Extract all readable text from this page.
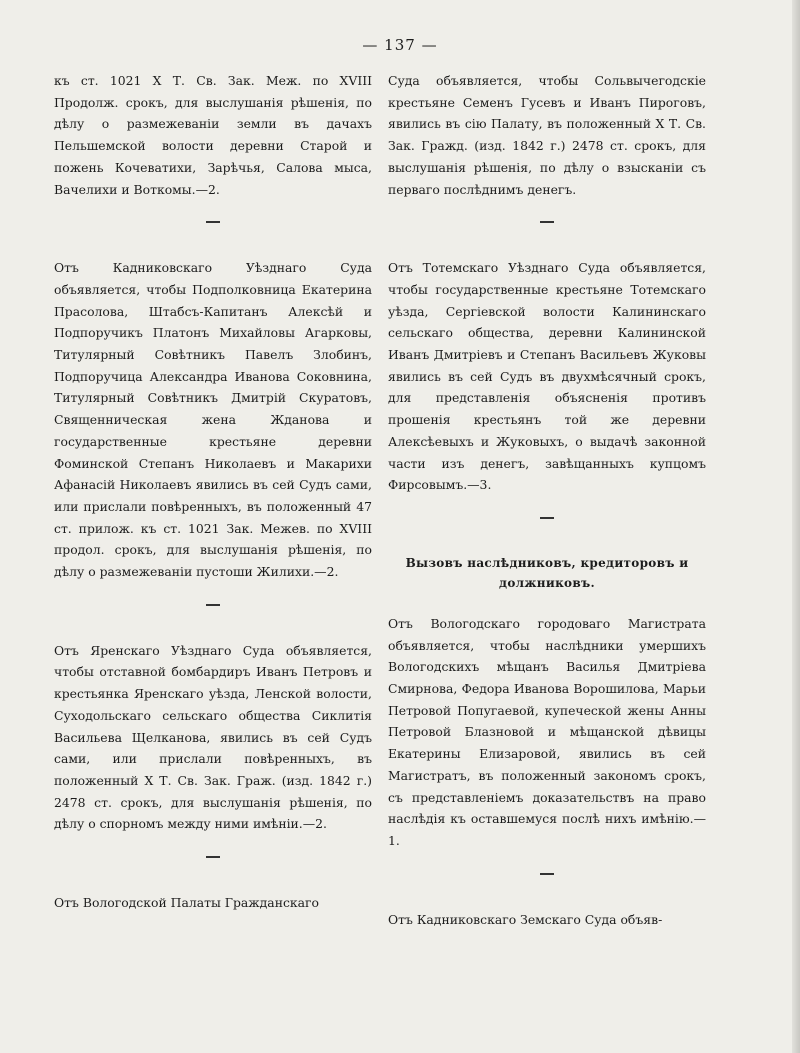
— 137 —

къ ст. 1021 Х Т. Св. Зак. Меж. по XVIII Продолж. срокъ, для выслушанія рѣшенія, по дѣлу о размежеваніи земли въ дачахъ Пельшемской волости деревни Старой и пожень Кочеватихи, Зарѣчья, Салова мыса, Вачелихи и Воткомы.—2.

Отъ Кадниковскаго Уѣзднаго Суда объявляется, чтобы Подполковница Екатерина Прасолова, Штабсъ-Капитанъ Алексѣй и Подпоручикъ Платонъ Михайловы Агарковы, Титулярный Совѣтникъ Павелъ Злобинъ, Подпоручица Александра Иванова Соковнина, Титулярный Совѣтникъ Дмитрій Скуратовъ, Священническая жена Жданова и государственные крестьяне деревни Фоминской Степанъ Николаевъ и Макарихи Афанасій Николаевъ явились въ сей Судъ сами, или прислали повѣренныхъ, въ положенный 47 ст. прилож. къ ст. 1021 Зак. Межев. по XVIII продол. срокъ, для выслушанія рѣшенія, по дѣлу о размежеваніи пустоши Жилихи.—2.

Отъ Яренскаго Уѣзднаго Суда объявляется, чтобы отставной бомбардиръ Иванъ Петровъ и крестьянка Яренскаго уѣзда, Ленской волости, Суходольскаго сельскаго общества Сиклитія Васильева Щелканова, явились въ сей Судъ сами, или прислали повѣренныхъ, въ положенный Х Т. Св. Зак. Граж. (изд. 1842 г.) 2478 ст. срокъ, для выслушанія рѣшенія, по дѣлу о спорномъ между ними имѣніи.—2.

Отъ Вологодской Палаты Гражданскаго

Суда объявляется, чтобы Сольвычегодскіе крестьяне Семенъ Гусевъ и Иванъ Пироговъ, явились въ сію Палату, въ положенный Х Т. Св. Зак. Гражд. (изд. 1842 г.) 2478 ст. срокъ, для выслушанія рѣшенія, по дѣлу о взысканіи съ перваго послѣднимъ денегъ.

Отъ Тотемскаго Уѣзднаго Суда объявляется, чтобы государственные крестьяне Тотемскаго уѣзда, Сергіевской волости Калининскаго сельскаго общества, деревни Калининской Иванъ Дмитріевъ и Степанъ Васильевъ Жуковы явились въ сей Судъ въ двухмѣсячный срокъ, для представленія объясненія противъ прошенія крестьянъ той же деревни Алексѣевыхъ и Жуковыхъ, о выдачѣ законной части изъ денегъ, завѣщанныхъ купцомъ Фирсовымъ.—3.

Вызовъ наслѣдниковъ, кредиторовъ и должниковъ.

Отъ Вологодскаго городоваго Магистрата объявляется, чтобы наслѣдники умершихъ Вологодскихъ мѣщанъ Василья Дмитріева Смирнова, Федора Иванова Ворошилова, Марьи Петровой Попугаевой, купеческой жены Анны Петровой Блазновой и мѣщанской дѣвицы Екатерины Елизаровой, явились въ сей Магистратъ, въ положенный закономъ срокъ, съ представленіемъ доказательствъ на право наслѣдія къ оставшемуся послѣ нихъ имѣнію.—1.

Отъ Кадниковскаго Земскаго Суда объяв-
